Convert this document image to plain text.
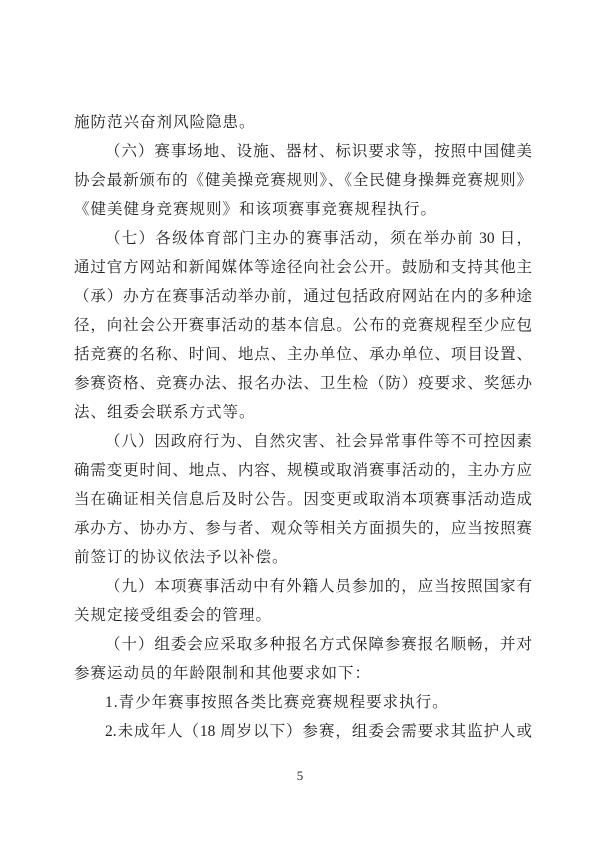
施防范兴奋剂风险隐患。
（六）赛事场地、设施、器材、标识要求等，按照中国健美
协会最新颁布的《健美操竞赛规则》、《全民健身操舞竞赛规则》
《健美健身竞赛规则》和该项赛事竞赛规程执行。
（七）各级体育部门主办的赛事活动，须在举办前 30 日，
通过官方网站和新闻媒体等途径向社会公开。鼓励和支持其他主
（承）办方在赛事活动举办前，通过包括政府网站在内的多种途
径，向社会公开赛事活动的基本信息。公布的竞赛规程至少应包
括竞赛的名称、时间、地点、主办单位、承办单位、项目设置、
参赛资格、竞赛办法、报名办法、卫生检（防）疫要求、奖惩办
法、组委会联系方式等。
（八）因政府行为、自然灾害、社会异常事件等不可控因素
确需变更时间、地点、内容、规模或取消赛事活动的，主办方应
当在确证相关信息后及时公告。因变更或取消本项赛事活动造成
承办方、协办方、参与者、观众等相关方面损失的，应当按照赛
前签订的协议依法予以补偿。
（九）本项赛事活动中有外籍人员参加的，应当按照国家有
关规定接受组委会的管理。
（十）组委会应采取多种报名方式保障参赛报名顺畅，并对
参赛运动员的年龄限制和其他要求如下：
1.青少年赛事按照各类比赛竞赛规程要求执行。
2.未成年人（18 周岁以下）参赛，组委会需要求其监护人或
5
